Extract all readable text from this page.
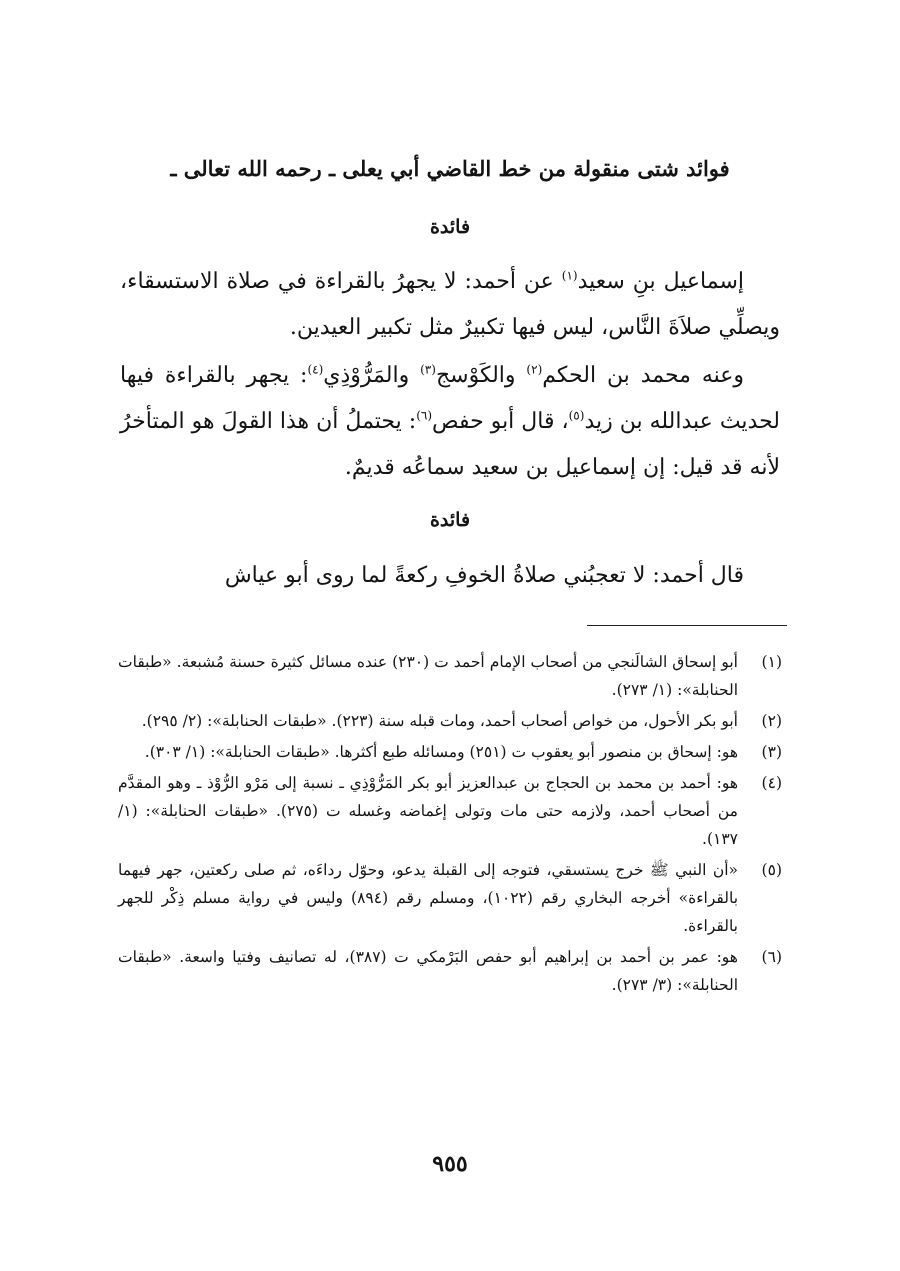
فوائد شتى منقولة من خط القاضي أبي يعلى ـ رحمه الله تعالى ـ
فائدة

إسماعيل بنِ سعيد$^{(١)}$ عن أحمد: لا يجهرُ بالقراءة في صلاة الاستسقاء، ويصلِّي صلاَةَ النَّاس، ليس فيها تكبيرٌ مثل تكبير العيدين.

وعنه محمد بن الحكم$^{(٢)}$ والكَوْسج$^{(٣)}$ والمَرُّوْذِي$^{(٤)}$: يجهر بالقراءة فيها لحديث عبدالله بن زيد$^{(٥)}$، قال أبو حفص$^{(٦)}$: يحتملُ أن هذا القولَ هو المتأخرُ لأنه قد قيل: إن إسماعيل بن سعيد سماعُه قديمٌ.

فائدة

قال أحمد: لا تعجبُني صلاةُ الخوفِ ركعةً لما روى أبو عياش

(١)
أبو إسحاق الشالَنجي من أصحاب الإمام أحمد ت (٢٣٠) عنده مسائل كثيرة حسنة مُشبعة. «طبقات الحنابلة»: (١/ ٢٧٣).
(٢)
أبو بكر الأحول، من خواص أصحاب أحمد، ومات قبله سنة (٢٢٣). «طبقات الحنابلة»: (٢/ ٢٩٥).
(٣)
هو: إسحاق بن منصور أبو يعقوب ت (٢٥١) ومسائله طبع أكثرها. «طبقات الحنابلة»: (١/ ٣٠٣).
(٤)
هو: أحمد بن محمد بن الحجاج بن عبدالعزيز أبو بكر المَرُّوْذِي ـ نسبة إلى مَرْو الرُّوْذ ـ وهو المقدَّم من أصحاب أحمد، ولازمه حتى مات وتولى إغماضه وغسله ت (٢٧٥). «طبقات الحنابلة»: (١/ ١٣٧).
(٥)
«أن النبي ﷺ خرج يستسقي، فتوجه إلى القبلة يدعو، وحوّل رداءَه، ثم صلى ركعتين، جهر فيهما بالقراءة» أخرجه البخاري رقم (١٠٢٢)، ومسلم رقم (٨٩٤) وليس في رواية مسلم ذِكْر للجهر بالقراءة.
(٦)
هو: عمر بن أحمد بن إبراهيم أبو حفص البَرْمكي ت (٣٨٧)، له تصانيف وفتيا واسعة. «طبقات الحنابلة»: (٣/ ٢٧٣).
٩٥٥
